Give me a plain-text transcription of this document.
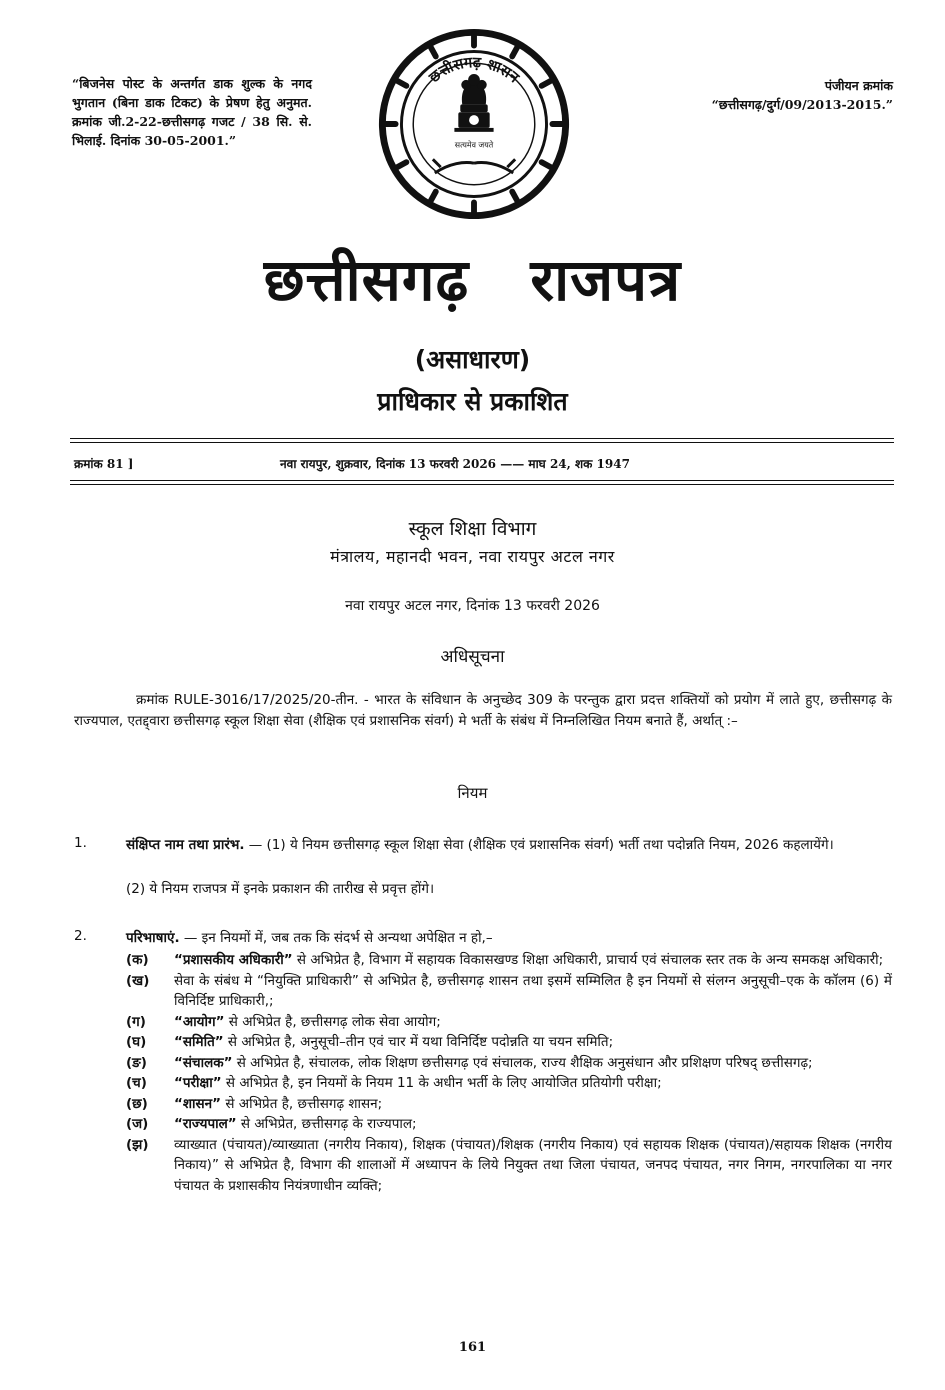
“बिजनेस पोस्ट के अन्तर्गत डाक शुल्क के नगद भुगतान (बिना डाक टिकट) के प्रेषण हेतु अनुमत. क्रमांक जी.2-22-छत्तीसगढ़ गजट / 38 सि. से. भिलाई. दिनांक 30-05-2001.”
पंजीयन क्रमांक
“छत्तीसगढ़/दुर्ग/09/2013-2015.”
छत्तीसगढ़ शासन
सत्यमेव जयते
छत्तीसगढ़ राजपत्र
(असाधारण)
प्राधिकार से प्रकाशित
क्रमांक 81 ]	नवा रायपुर, शुक्रवार, दिनांक 13 फरवरी 2026 —— माघ 24, शक 1947
स्कूल शिक्षा विभाग
मंत्रालय, महानदी भवन, नवा रायपुर अटल नगर
नवा रायपुर अटल नगर, दिनांक 13 फरवरी 2026
अधिसूचना
क्रमांक RULE-3016/17/2025/20-तीन. - भारत के संविधान के अनुच्छेद 309 के परन्तुक द्वारा प्रदत्त शक्तियों को प्रयोग में लाते हुए, छत्तीसगढ़ के राज्यपाल, एतद्द्वारा छत्तीसगढ़ स्कूल शिक्षा सेवा (शैक्षिक एवं प्रशासनिक संवर्ग) मे भर्ती के संबंध में निम्नलिखित नियम बनाते हैं, अर्थात् :–
नियम
1.	संक्षिप्त नाम तथा प्रारंभ. — (1) ये नियम छत्तीसगढ़ स्कूल शिक्षा सेवा (शैक्षिक एवं प्रशासनिक संवर्ग) भर्ती तथा पदोन्नति नियम, 2026 कहलायेंगे।
(2) ये नियम राजपत्र में इनके प्रकाशन की तारीख से प्रवृत्त होंगे।
2.	परिभाषाएं. — इन नियमों में, जब तक कि संदर्भ से अन्यथा अपेक्षित न हो,–
(क)	“प्रशासकीय अधिकारी” से अभिप्रेत है, विभाग में सहायक विकासखण्ड शिक्षा अधिकारी, प्राचार्य एवं संचालक स्तर तक के अन्य समकक्ष अधिकारी;
(ख)	सेवा के संबंध मे “नियुक्ति प्राधिकारी” से अभिप्रेत है, छत्तीसगढ़ शासन तथा इसमें सम्मिलित है इन नियमों से संलग्न अनुसूची–एक के कॉलम (6) में विनिर्दिष्ट प्राधिकारी,;
(ग)	“आयोग” से अभिप्रेत है, छत्तीसगढ़ लोक सेवा आयोग;
(घ)	“समिति” से अभिप्रेत है, अनुसूची–तीन एवं चार में यथा विनिर्दिष्ट पदोन्नति या चयन समिति;
(ङ)	“संचालक” से अभिप्रेत है, संचालक, लोक शिक्षण छत्तीसगढ़ एवं संचालक, राज्य शैक्षिक अनुसंधान और प्रशिक्षण परिषद् छत्तीसगढ़;
(च)	“परीक्षा” से अभिप्रेत है, इन नियमों के नियम 11 के अधीन भर्ती के लिए आयोजित प्रतियोगी परीक्षा;
(छ)	“शासन” से अभिप्रेत है, छत्तीसगढ़ शासन;
(ज)	“राज्यपाल” से अभिप्रेत, छत्तीसगढ़ के राज्यपाल;
(झ)	व्याख्यात (पंचायत)/व्याख्याता (नगरीय निकाय), शिक्षक (पंचायत)/शिक्षक (नगरीय निकाय) एवं सहायक शिक्षक (पंचायत)/सहायक शिक्षक (नगरीय निकाय)” से अभिप्रेत है, विभाग की शालाओं में अध्यापन के लिये नियुक्त तथा जिला पंचायत, जनपद पंचायत, नगर निगम, नगरपालिका या नगर पंचायत के प्रशासकीय नियंत्रणाधीन व्यक्ति;
161
